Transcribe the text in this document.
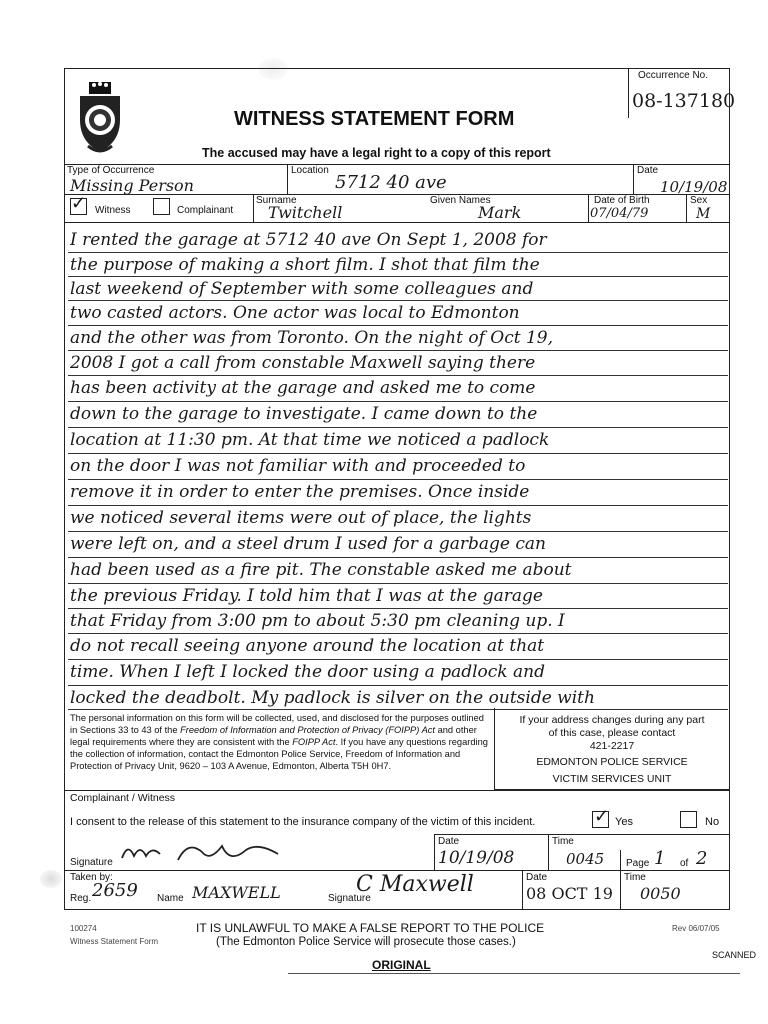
Occurrence No.
08-137180
WITNESS STATEMENT FORM
The accused may have a legal right to a copy of this report
Type of Occurrence
Missing Person
Location
5712 40 ave
Date
10/19/08
✓ Witness	Complainant
Surname
Twitchell
Given Names
Mark
Date of Birth
07/04/79
Sex
M
I rented the garage at 5712 40 ave On Sept 1, 2008 for
the purpose of making a short film. I shot that film the
last weekend of September with some colleagues and
two casted actors. One actor was local to Edmonton
and the other was from Toronto. On the night of Oct 19,
2008 I got a call from constable Maxwell saying there
has been activity at the garage and asked me to come
down to the garage to investigate. I came down to the
location at 11:30 pm. At that time we noticed a padlock
on the door I was not familiar with and proceeded to
remove it in order to enter the premises. Once inside
we noticed several items were out of place, the lights
were left on, and a steel drum I used for a garbage can
had been used as a fire pit. The constable asked me about
the previous Friday. I told him that I was at the garage
that Friday from 3:00 pm to about 5:30 pm cleaning up. I
do not recall seeing anyone around the location at that
time. When I left I locked the door using a padlock and
locked the deadbolt. My padlock is silver on the outside with
The personal information on this form will be collected, used, and disclosed for the purposes outlined in Sections 33 to 43 of the Freedom of Information and Protection of Privacy (FOIPP) Act and other legal requirements where they are consistent with the FOIPP Act. If you have any questions regarding the collection of information, contact the Edmonton Police Service, Freedom of Information and Protection of Privacy Unit, 9620 – 103 A Avenue, Edmonton, Alberta T5H 0H7.
If your address changes during any part
of this case, please contact
421-2217
EDMONTON POLICE SERVICE
VICTIM SERVICES UNIT
Complainant / Witness
I consent to the release of this statement to the insurance company of the victim of this incident.	✓ Yes	No
Signature
Date
10/19/08
Time
0045 Page 1 of 2
Taken by:
Reg. 2659 Name MAXWELL	Signature
C Maxwell	Date
08 OCT 19
Time
0050
100274
Witness Statement Form
IT IS UNLAWFUL TO MAKE A FALSE REPORT TO THE POLICE
(The Edmonton Police Service will prosecute those cases.)
Rev 06/07/05
SCANNED
ORIGINAL
